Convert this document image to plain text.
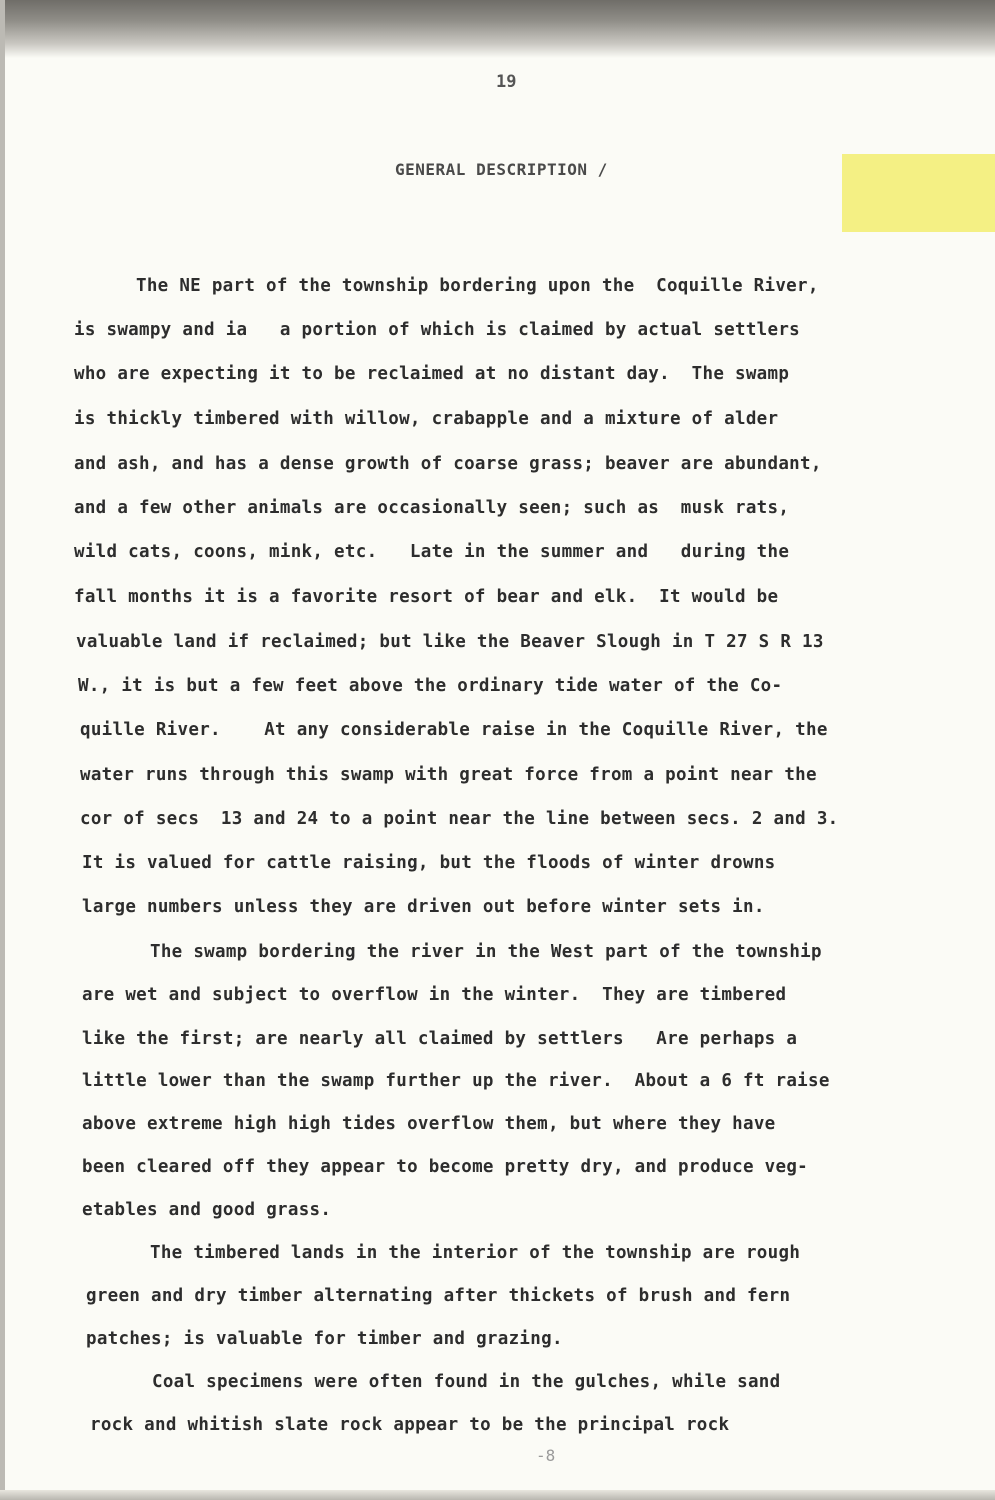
19
GENERAL DESCRIPTION /
The NE part of the township bordering upon the  Coquille River,
is swampy and ia   a portion of which is claimed by actual settlers
who are expecting it to be reclaimed at no distant day.  The swamp
is thickly timbered with willow, crabapple and a mixture of alder
and ash, and has a dense growth of coarse grass; beaver are abundant,
and a few other animals are occasionally seen; such as  musk rats,
wild cats, coons, mink, etc.   Late in the summer and   during the
fall months it is a favorite resort of bear and elk.  It would be
valuable land if reclaimed; but like the Beaver Slough in T 27 S R 13
W., it is but a few feet above the ordinary tide water of the Co-
quille River.    At any considerable raise in the Coquille River, the
water runs through this swamp with great force from a point near the
cor of secs  13 and 24 to a point near the line between secs. 2 and 3.
It is valued for cattle raising, but the floods of winter drowns
large numbers unless they are driven out before winter sets in.
The swamp bordering the river in the West part of the township
are wet and subject to overflow in the winter.  They are timbered
like the first; are nearly all claimed by settlers   Are perhaps a
little lower than the swamp further up the river.  About a 6 ft raise
above extreme high high tides overflow them, but where they have
been cleared off they appear to become pretty dry, and produce veg-
etables and good grass.
The timbered lands in the interior of the township are rough
green and dry timber alternating after thickets of brush and fern
patches; is valuable for timber and grazing.
Coal specimens were often found in the gulches, while sand
rock and whitish slate rock appear to be the principal rock
-8
